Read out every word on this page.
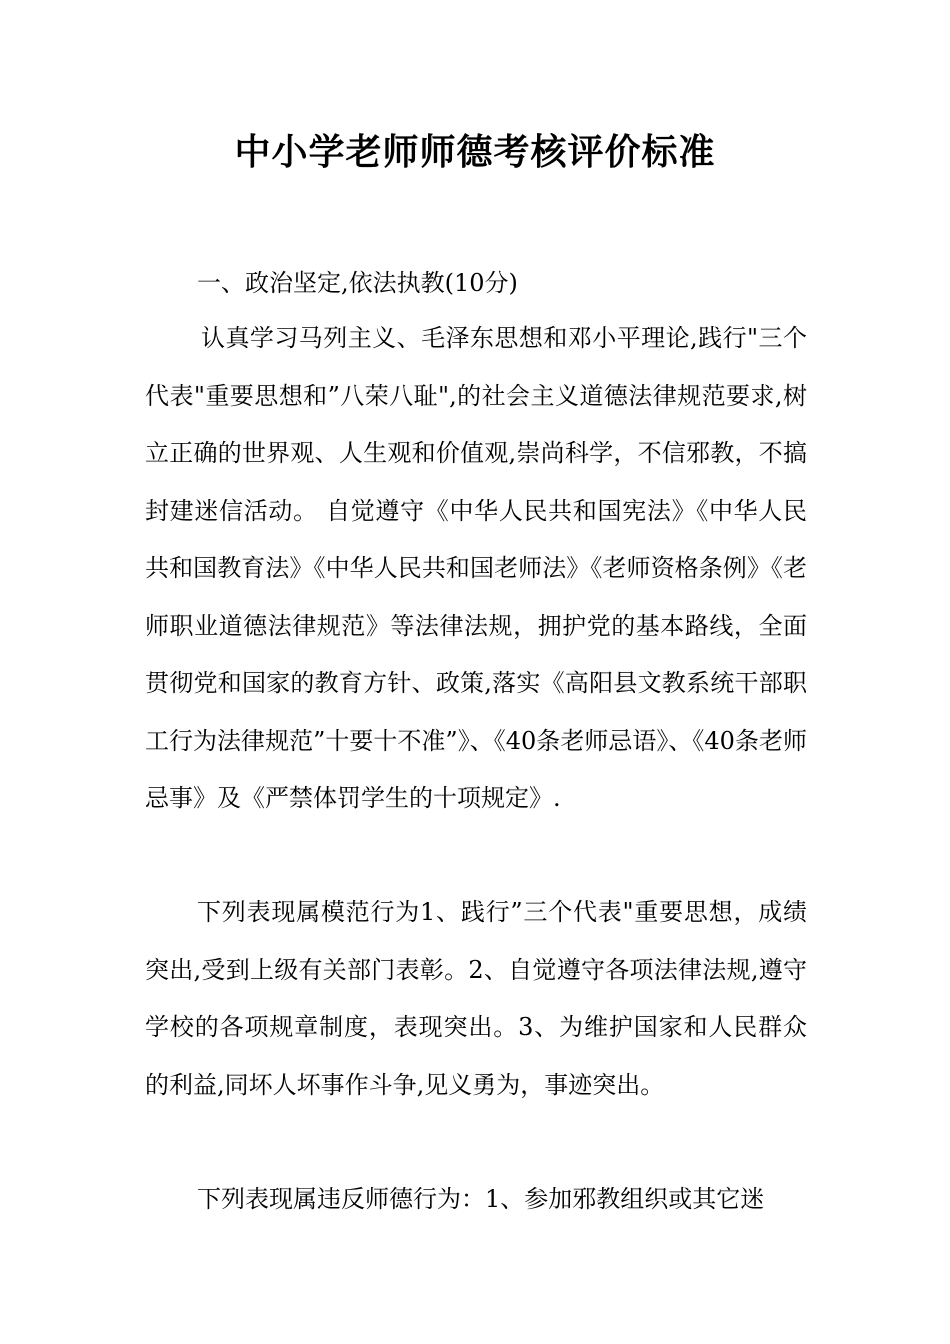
中小学老师师德考核评价标准

一、政治坚定,依法执教(10分)

认真学习马列主义、毛泽东思想和邓小平理论,践行"三个代表"重要思想和”八荣八耻",的社会主义道德法律规范要求,树立正确的世界观、人生观和价值观,崇尚科学，不信邪教，不搞封建迷信活动。 自觉遵守《中华人民共和国宪法》《中华人民共和国教育法》《中华人民共和国老师法》《老师资格条例》《老师职业道德法律规范》等法律法规，拥护党的基本路线，全面贯彻党和国家的教育方针、政策,落实《高阳县文教系统干部职工行为法律规范”十要十不准”》、《40条老师忌语》、《40条老师忌事》及《严禁体罚学生的十项规定》.

下列表现属模范行为1、践行”三个代表"重要思想，成绩突出,受到上级有关部门表彰。2、自觉遵守各项法律法规,遵守学校的各项规章制度，表现突出。3、为维护国家和人民群众的利益,同坏人坏事作斗争,见义勇为，事迹突出。

下列表现属违反师德行为：1、参加邪教组织或其它迷
